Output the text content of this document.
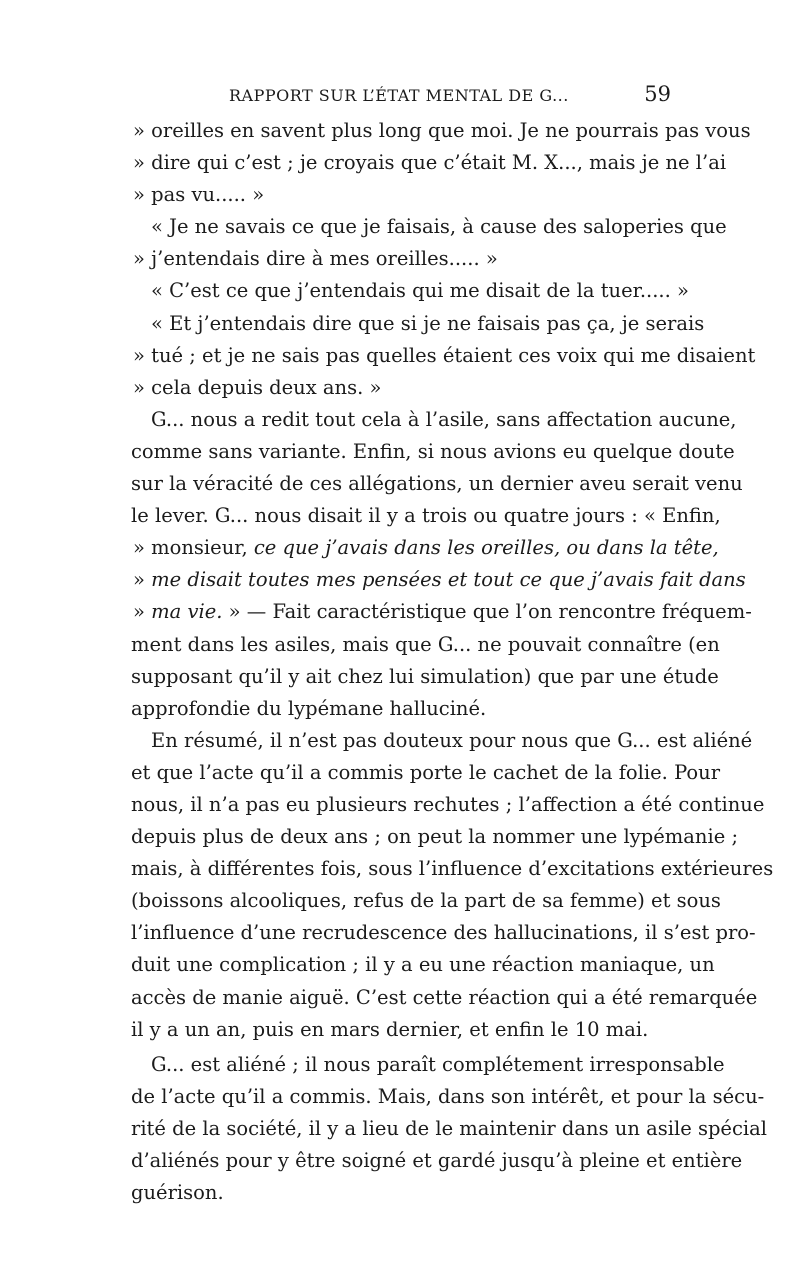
RAPPORT SUR L’ÉTAT MENTAL DE G...	59
» oreilles en savent plus long que moi. Je ne pourrais pas vous
» dire qui c’est ; je croyais que c’était M. X..., mais je ne l’ai
» pas vu..... »
« Je ne savais ce que je faisais, à cause des saloperies que
» j’entendais dire à mes oreilles..... »
« C’est ce que j’entendais qui me disait de la tuer..... »
« Et j’entendais dire que si je ne faisais pas ça, je serais
» tué ; et je ne sais pas quelles étaient ces voix qui me disaient
» cela depuis deux ans. »
G... nous a redit tout cela à l’asile, sans affectation aucune,
comme sans variante. Enfin, si nous avions eu quelque doute
sur la véracité de ces allégations, un dernier aveu serait venu
le lever. G... nous disait il y a trois ou quatre jours : « Enfin,
» monsieur, ce que j’avais dans les oreilles, ou dans la tête,
» me disait toutes mes pensées et tout ce que j’avais fait dans
» ma vie. » — Fait caractéristique que l’on rencontre fréquem-
ment dans les asiles, mais que G... ne pouvait connaître (en
supposant qu’il y ait chez lui simulation) que par une étude
approfondie du lypémane halluciné.
En résumé, il n’est pas douteux pour nous que G... est aliéné
et que l’acte qu’il a commis porte le cachet de la folie. Pour
nous, il n’a pas eu plusieurs rechutes ; l’affection a été continue
depuis plus de deux ans ; on peut la nommer une lypémanie ;
mais, à différentes fois, sous l’influence d’excitations extérieures
(boissons alcooliques, refus de la part de sa femme) et sous
l’influence d’une recrudescence des hallucinations, il s’est pro-
duit une complication ; il y a eu une réaction maniaque, un
accès de manie aiguë. C’est cette réaction qui a été remarquée
il y a un an, puis en mars dernier, et enfin le 10 mai.
G... est aliéné ; il nous paraît complétement irresponsable
de l’acte qu’il a commis. Mais, dans son intérêt, et pour la sécu-
rité de la société, il y a lieu de le maintenir dans un asile spécial
d’aliénés pour y être soigné et gardé jusqu’à pleine et entière
guérison.
